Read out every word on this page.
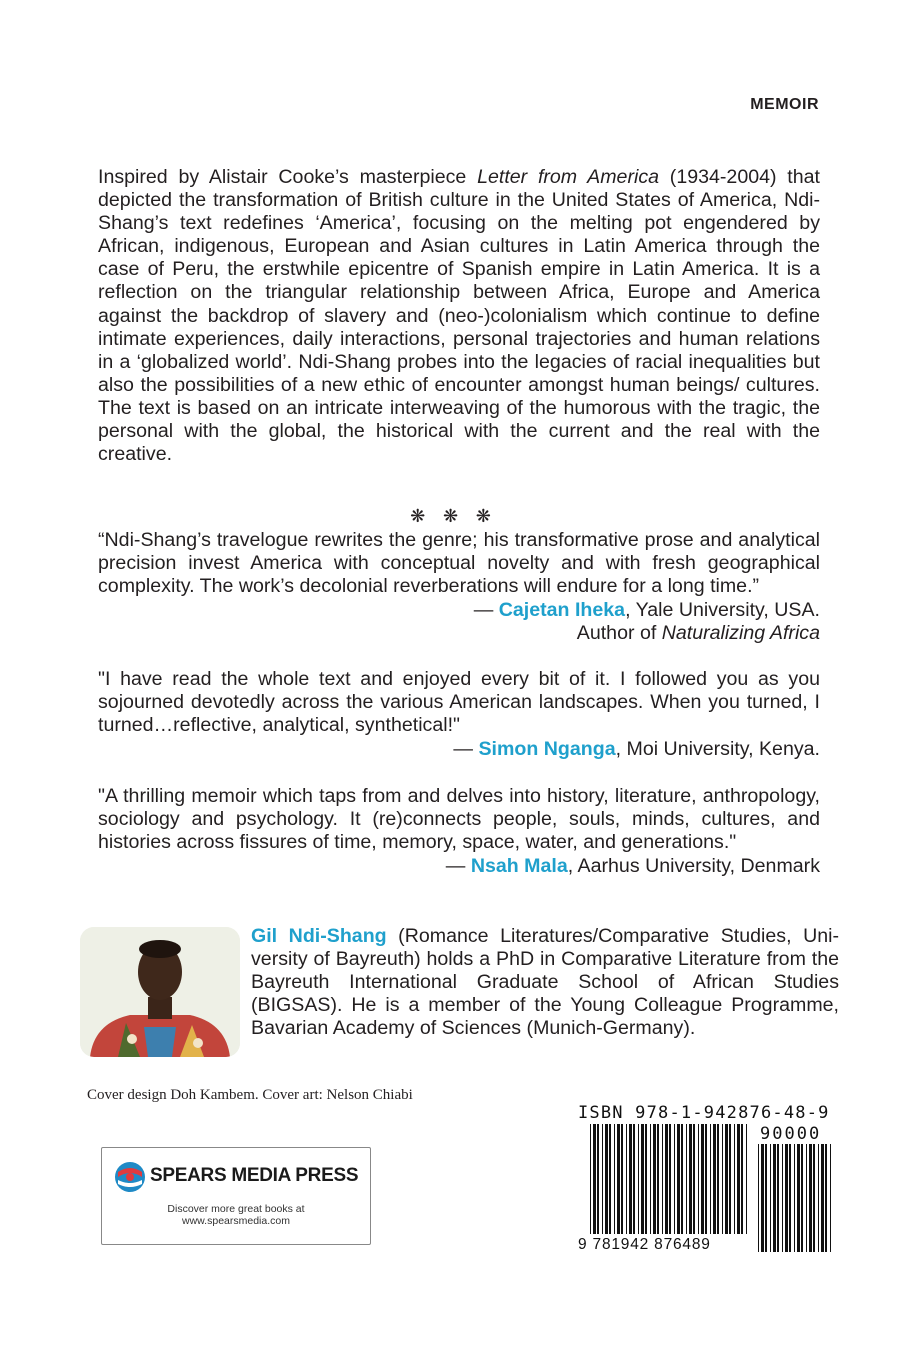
MEMOIR

Inspired by Alistair Cooke’s masterpiece Letter from America (1934-2004) that depicted the transformation of British culture in the United States of America, Ndi-Shang’s text redefines ‘America’, focusing on the melting pot engendered by African, indigenous, European and Asian cultures in Latin America through the case of Peru, the erstwhile epicentre of Spanish empire in Latin America. It is a reflection on the triangular relationship between Africa, Europe and America against the backdrop of slavery and (neo-)colonialism which continue to define intimate experiences, daily interactions, personal trajectories and human relations in a ‘globalized world’. Ndi-Shang probes into the legacies of racial inequalities but also the possibilities of a new ethic of encounter amongst human beings/ cultures. The text is based on an intricate interweaving of the humorous with the tragic, the personal with the global, the historical with the current and the real with the creative.

❋ ❋ ❋

“Ndi-Shang’s travelogue rewrites the genre; his transformative prose and analytical precision invest America with conceptual novelty and with fresh geographical complexity. The work’s decolonial reverberations will endure for a long time.”

— Cajetan Iheka, Yale University, USA.

Author of Naturalizing Africa

"I have read the whole text and enjoyed every bit of it. I followed you as you sojourned devotedly across the various American landscapes. When you turned, I turned…reflective, analytical, synthetical!"

— Simon Nganga, Moi University, Kenya.

"A thrilling memoir which taps from and delves into history, literature, anthropology, sociology and psychology. It (re)connects people, souls, minds, cultures, and histories across fissures of time, memory, space, water, and generations."

— Nsah Mala, Aarhus University, Denmark

Gil Ndi-Shang (Romance Literatures/Comparative Studies, University of Bayreuth) holds a PhD in Comparative Literature from the Bayreuth International Graduate School of African Studies (BIGSAS). He is a member of the Young Colleague Programme, Bavarian Academy of Sciences (Munich-Germany).

Cover design Doh Kambem. Cover art: Nelson Chiabi
SPEARS MEDIA PRESS
Discover more great books at
www.spearsmedia.com
ISBN 978-1-942876-48-9
90000
9 781942 876489
